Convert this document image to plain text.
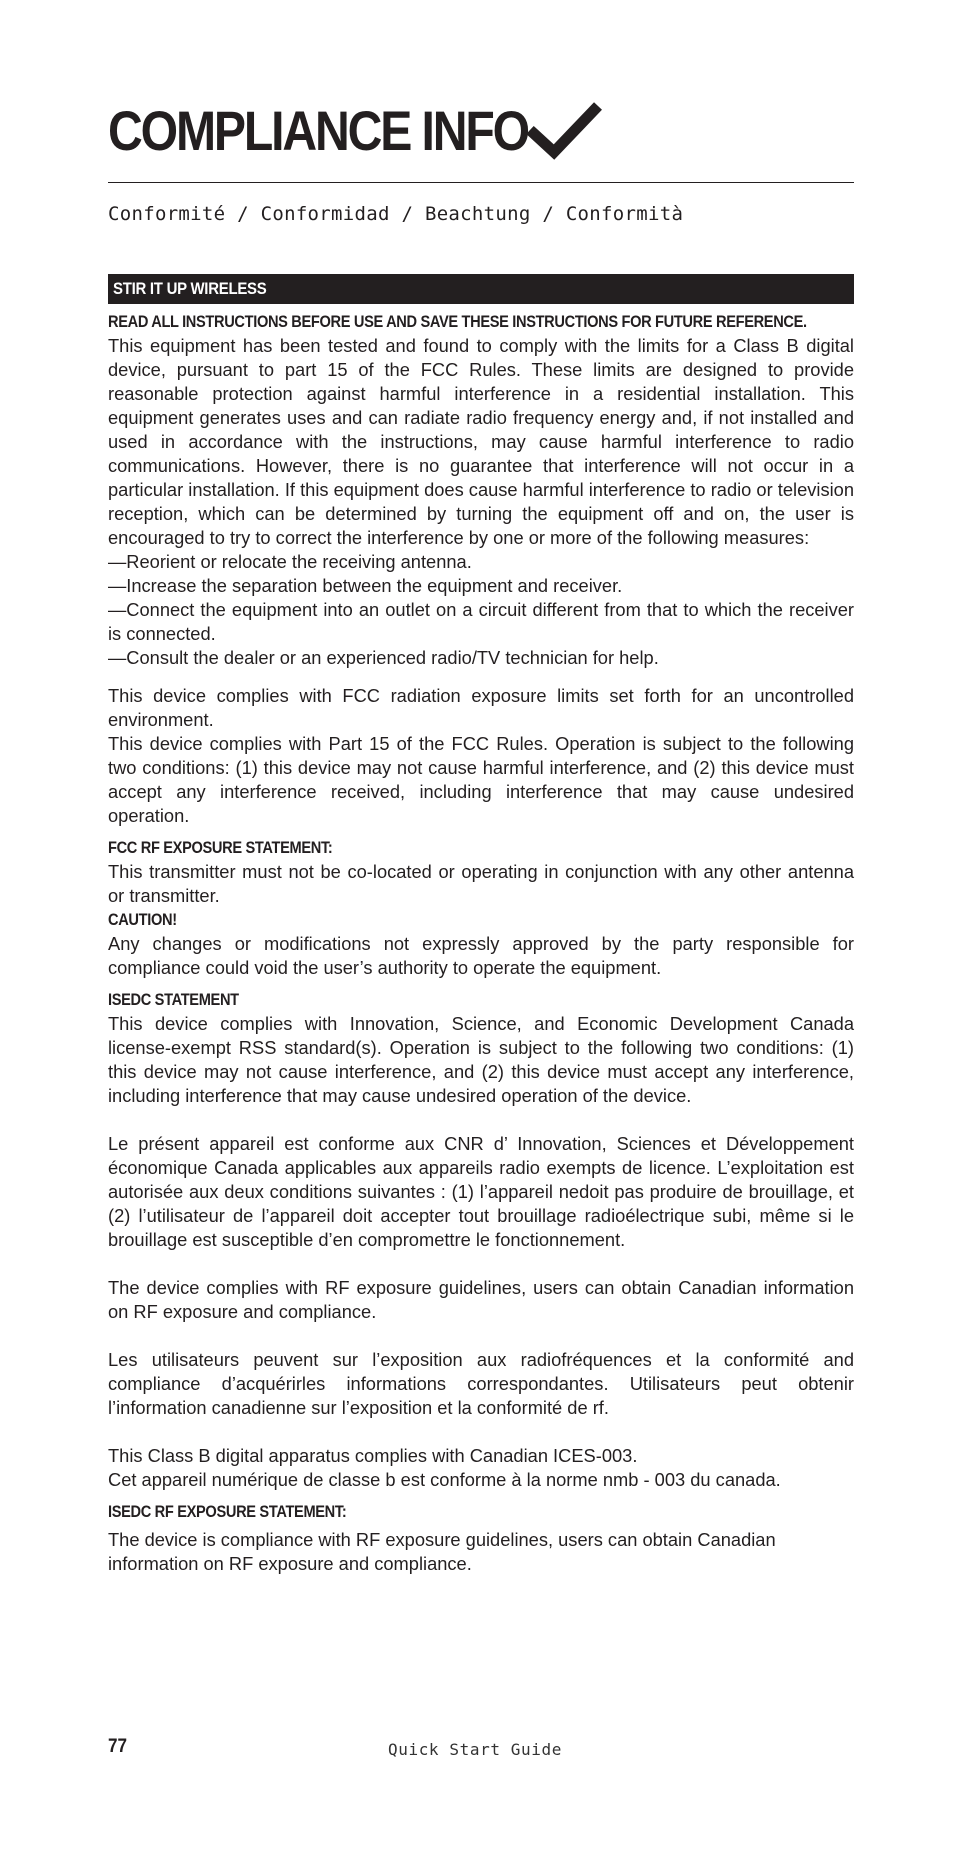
COMPLIANCE INFO
Conformité / Conformidad / Beachtung / Conformità
STIR IT UP WIRELESS
READ ALL INSTRUCTIONS BEFORE USE AND SAVE THESE INSTRUCTIONS FOR FUTURE REFERENCE.

This equipment has been tested and found to comply with the limits for a Class B digital device, pursuant to part 15 of the FCC Rules. These limits are designed to provide reasonable protection against harmful interference in a residential installation. This equipment generates uses and can radiate radio frequency energy and, if not installed and used in accordance with the instructions, may cause harmful interference to radio communications. However, there is no guarantee that interference will not occur in a particular installation. If this equipment does cause harmful interference to radio or television reception, which can be determined by turning the equipment off and on, the user is encouraged to try to correct the interference by one or more of the following measures:

—Reorient or relocate the receiving antenna.

—Increase the separation between the equipment and receiver.

—Connect the equipment into an outlet on a circuit different from that to which the receiver is connected.

—Consult the dealer or an experienced radio/TV technician for help.

This device complies with FCC radiation exposure limits set forth for an uncontrolled environment.

This device complies with Part 15 of the FCC Rules. Operation is subject to the following two conditions: (1) this device may not cause harmful interference, and (2) this device must accept any interference received, including interference that may cause undesired operation.

FCC RF EXPOSURE STATEMENT:

This transmitter must not be co-located or operating in conjunction with any other antenna or transmitter.

CAUTION!

Any changes or modifications not expressly approved by the party responsible for compliance could void the user’s authority to operate the equipment.

ISEDC STATEMENT

This device complies with Innovation, Science, and Economic Development Canada license-exempt RSS standard(s). Operation is subject to the following two conditions: (1) this device may not cause interference, and (2) this device must accept any interference, including interference that may cause undesired operation of the device.

Le présent appareil est conforme aux CNR d’ Innovation, Sciences et Développement économique Canada applicables aux appareils radio exempts de licence. L’exploitation est autorisée aux deux conditions suivantes : (1) l’appareil nedoit pas produire de brouillage, et (2) l’utilisateur de l’appareil doit accepter tout brouillage radioélectrique subi, même si le brouillage est susceptible d’en compromettre le fonctionnement.

The device complies with RF exposure guidelines, users can obtain Canadian information on RF exposure and compliance.

Les utilisateurs peuvent sur l’exposition aux radiofréquences et la conformité and compliance d’acquérirles informations correspondantes. Utilisateurs peut obtenir l’information canadienne sur l’exposition et la conformité de rf.

This Class B digital apparatus complies with Canadian ICES-003.

Cet appareil numérique de classe b est conforme à la norme nmb - 003 du canada.

ISEDC RF EXPOSURE STATEMENT:

The device is compliance with RF exposure guidelines, users can obtain Canadian information on RF exposure and compliance.

77	Quick Start Guide
